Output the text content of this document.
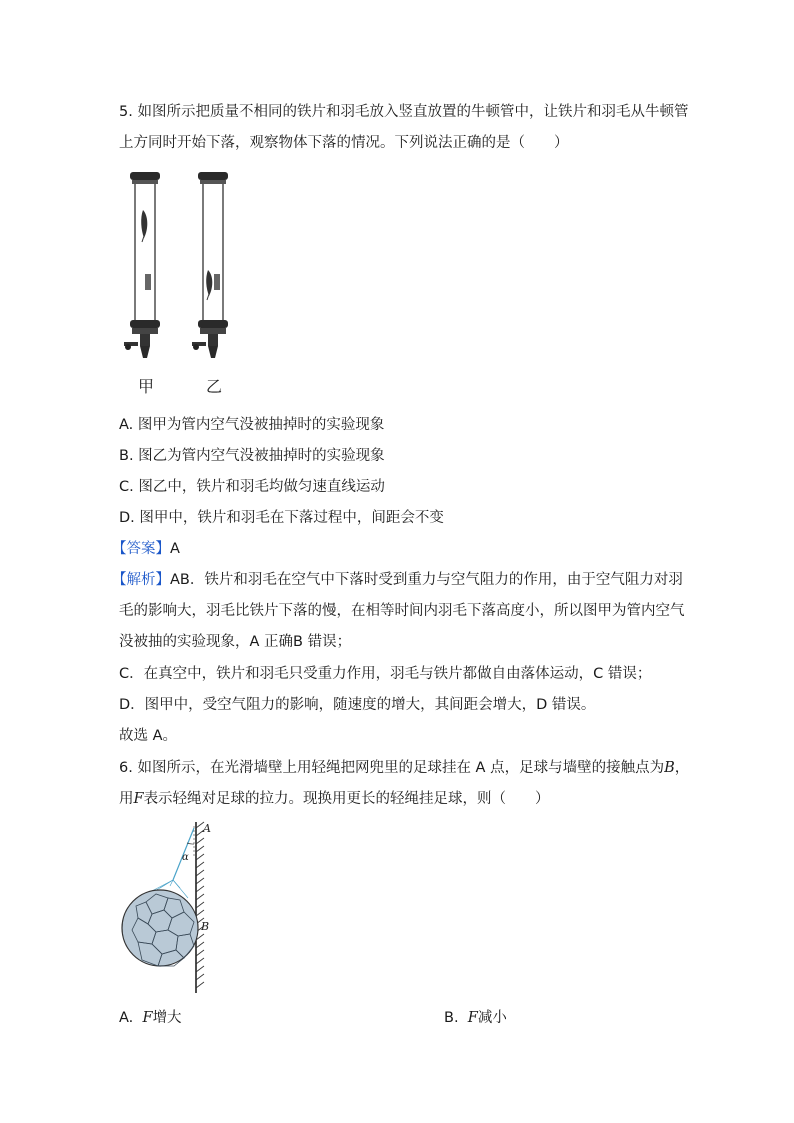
5. 如图所示把质量不相同的铁片和羽毛放入竖直放置的牛顿管中，让铁片和羽毛从牛顿管
上方同时开始下落，观察物体下落的情况。下列说法正确的是（　　）
甲	乙
A. 图甲为管内空气没被抽掉时的实验现象
B. 图乙为管内空气没被抽掉时的实验现象
C. 图乙中，铁片和羽毛均做匀速直线运动
D. 图甲中，铁片和羽毛在下落过程中，间距会不变
【答案】A
【解析】AB．铁片和羽毛在空气中下落时受到重力与空气阻力的作用，由于空气阻力对羽
毛的影响大，羽毛比铁片下落的慢，在相等时间内羽毛下落高度小，所以图甲为管内空气
没被抽的实验现象，A 正确B 错误；
C．在真空中，铁片和羽毛只受重力作用，羽毛与铁片都做自由落体运动，C 错误；
D．图甲中，受空气阻力的影响，随速度的增大，其间距会增大，D 错误。
故选 A。
6. 如图所示，在光滑墙壁上用轻绳把网兜里的足球挂在 A 点，足球与墙壁的接触点为B，
用F表示轻绳对足球的拉力。现换用更长的轻绳挂足球，则（　　）
A
α
B
A. F增大	B. F减小
